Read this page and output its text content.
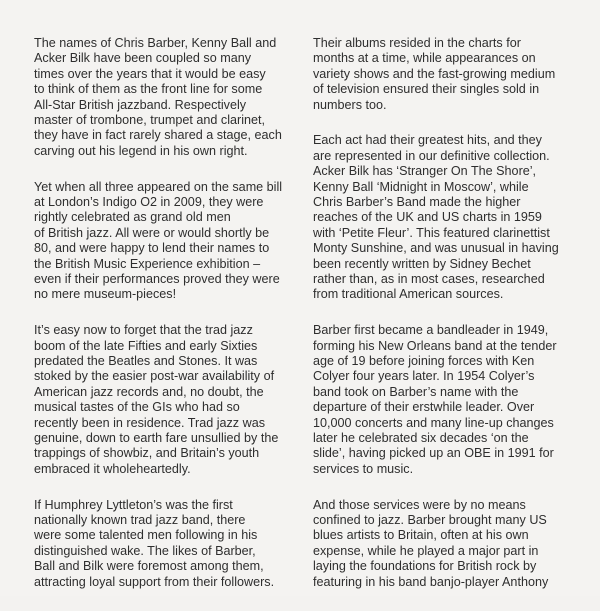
The names of Chris Barber, Kenny Ball and
Acker Bilk have been coupled so many
times over the years that it would be easy
to think of them as the front line for some
All-Star British jazzband. Respectively
master of trombone, trumpet and clarinet,
they have in fact rarely shared a stage, each
carving out his legend in his own right.

Yet when all three appeared on the same bill
at London’s Indigo O2 in 2009, they were
rightly celebrated as grand old men
of British jazz. All were or would shortly be
80, and were happy to lend their names to
the British Music Experience exhibition –
even if their performances proved they were
no mere museum-pieces!

It’s easy now to forget that the trad jazz
boom of the late Fifties and early Sixties
predated the Beatles and Stones. It was
stoked by the easier post-war availability of
American jazz records and, no doubt, the
musical tastes of the GIs who had so
recently been in residence. Trad jazz was
genuine, down to earth fare unsullied by the
trappings of showbiz, and Britain’s youth
embraced it wholeheartedly.

If Humphrey Lyttleton’s was the first
nationally known trad jazz band, there
were some talented men following in his
distinguished wake. The likes of Barber,
Ball and Bilk were foremost among them,
attracting loyal support from their followers.

Their albums resided in the charts for
months at a time, while appearances on
variety shows and the fast-growing medium
of television ensured their singles sold in
numbers too.

Each act had their greatest hits, and they
are represented in our definitive collection.
Acker Bilk has ‘Stranger On The Shore’,
Kenny Ball ‘Midnight in Moscow’, while
Chris Barber’s Band made the higher
reaches of the UK and US charts in 1959
with ‘Petite Fleur’. This featured clarinettist
Monty Sunshine, and was unusual in having
been recently written by Sidney Bechet
rather than, as in most cases, researched
from traditional American sources.

Barber first became a bandleader in 1949,
forming his New Orleans band at the tender
age of 19 before joining forces with Ken
Colyer four years later. In 1954 Colyer’s
band took on Barber’s name with the
departure of their erstwhile leader. Over
10,000 concerts and many line-up changes
later he celebrated six decades ‘on the
slide’, having picked up an OBE in 1991 for
services to music.

And those services were by no means
confined to jazz. Barber brought many US
blues artists to Britain, often at his own
expense, while he played a major part in
laying the foundations for British rock by
featuring in his band banjo-player Anthony
